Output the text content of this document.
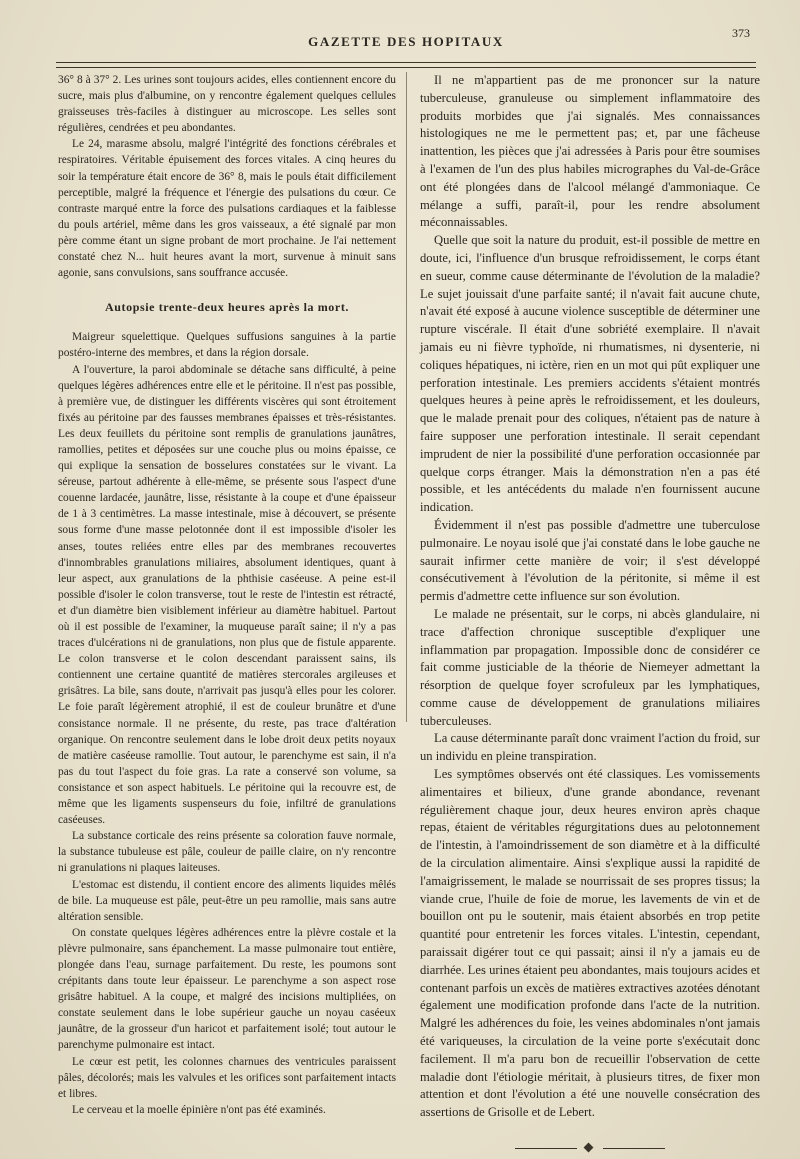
GAZETTE DES HOPITAUX
373

36° 8 à 37° 2. Les urines sont toujours acides, elles contiennent encore du sucre, mais plus d'albumine, on y rencontre également quelques cellules graisseuses très-faciles à distinguer au microscope. Les selles sont régulières, cendrées et peu abondantes.

Le 24, marasme absolu, malgré l'intégrité des fonctions cérébrales et respiratoires. Véritable épuisement des forces vitales. A cinq heures du soir la température était encore de 36° 8, mais le pouls était difficilement perceptible, malgré la fréquence et l'énergie des pulsations du cœur. Ce contraste marqué entre la force des pulsations cardiaques et la faiblesse du pouls artériel, même dans les gros vaisseaux, a été signalé par mon père comme étant un signe probant de mort prochaine. Je l'ai nettement constaté chez N... huit heures avant la mort, survenue à minuit sans agonie, sans convulsions, sans souffrance accusée.

Autopsie trente-deux heures après la mort.

Maigreur squelettique. Quelques suffusions sanguines à la partie postéro-interne des membres, et dans la région dorsale.

A l'ouverture, la paroi abdominale se détache sans difficulté, à peine quelques légères adhérences entre elle et le péritoine. Il n'est pas possible, à première vue, de distinguer les différents viscères qui sont étroitement fixés au péritoine par des fausses membranes épaisses et très-résistantes. Les deux feuillets du péritoine sont remplis de granulations jaunâtres, ramollies, petites et déposées sur une couche plus ou moins épaisse, ce qui explique la sensation de bosselures constatées sur le vivant. La séreuse, partout adhérente à elle-même, se présente sous l'aspect d'une couenne lardacée, jaunâtre, lisse, résistante à la coupe et d'une épaisseur de 1 à 3 centimètres. La masse intestinale, mise à découvert, se présente sous forme d'une masse pelotonnée dont il est impossible d'isoler les anses, toutes reliées entre elles par des membranes recouvertes d'innombrables granulations miliaires, absolument identiques, quant à leur aspect, aux granulations de la phthisie caséeuse. A peine est-il possible d'isoler le colon transverse, tout le reste de l'intestin est rétracté, et d'un diamètre bien visiblement inférieur au diamètre habituel. Partout où il est possible de l'examiner, la muqueuse paraît saine; il n'y a pas traces d'ulcérations ni de granulations, non plus que de fistule apparente. Le colon transverse et le colon descendant paraissent sains, ils contiennent une certaine quantité de matières stercorales argileuses et grisâtres. La bile, sans doute, n'arrivait pas jusqu'à elles pour les colorer. Le foie paraît légèrement atrophié, il est de couleur brunâtre et d'une consistance normale. Il ne présente, du reste, pas trace d'altération organique. On rencontre seulement dans le lobe droit deux petits noyaux de matière caséeuse ramollie. Tout autour, le parenchyme est sain, il n'a pas du tout l'aspect du foie gras. La rate a conservé son volume, sa consistance et son aspect habituels. Le péritoine qui la recouvre est, de même que les ligaments suspenseurs du foie, infiltré de granulations caséeuses.

La substance corticale des reins présente sa coloration fauve normale, la substance tubuleuse est pâle, couleur de paille claire, on n'y rencontre ni granulations ni plaques laiteuses.

L'estomac est distendu, il contient encore des aliments liquides mêlés de bile. La muqueuse est pâle, peut-être un peu ramollie, mais sans autre altération sensible.

On constate quelques légères adhérences entre la plèvre costale et la plèvre pulmonaire, sans épanchement. La masse pulmonaire tout entière, plongée dans l'eau, surnage parfaitement. Du reste, les poumons sont crépitants dans toute leur épaisseur. Le parenchyme a son aspect rose grisâtre habituel. A la coupe, et malgré des incisions multipliées, on constate seulement dans le lobe supérieur gauche un noyau caséeux jaunâtre, de la grosseur d'un haricot et parfaitement isolé; tout autour le parenchyme pulmonaire est intact.

Le cœur est petit, les colonnes charnues des ventricules paraissent pâles, décolorés; mais les valvules et les orifices sont parfaitement intacts et libres.

Le cerveau et la moelle épinière n'ont pas été examinés.

Il ne m'appartient pas de me prononcer sur la nature tuberculeuse, granuleuse ou simplement inflammatoire des produits morbides que j'ai signalés. Mes connaissances histologiques ne me le permettent pas; et, par une fâcheuse inattention, les pièces que j'ai adressées à Paris pour être soumises à l'examen de l'un des plus habiles micrographes du Val-de-Grâce ont été plongées dans de l'alcool mélangé d'ammoniaque. Ce mélange a suffi, paraît-il, pour les rendre absolument méconnaissables.

Quelle que soit la nature du produit, est-il possible de mettre en doute, ici, l'influence d'un brusque refroidissement, le corps étant en sueur, comme cause déterminante de l'évolution de la maladie? Le sujet jouissait d'une parfaite santé; il n'avait fait aucune chute, n'avait été exposé à aucune violence susceptible de déterminer une rupture viscérale. Il était d'une sobriété exemplaire. Il n'avait jamais eu ni fièvre typhoïde, ni rhumatismes, ni dysenterie, ni coliques hépatiques, ni ictère, rien en un mot qui pût expliquer une perforation intestinale. Les premiers accidents s'étaient montrés quelques heures à peine après le refroidissement, et les douleurs, que le malade prenait pour des coliques, n'étaient pas de nature à faire supposer une perforation intestinale. Il serait cependant imprudent de nier la possibilité d'une perforation occasionnée par quelque corps étranger. Mais la démonstration n'en a pas été possible, et les antécédents du malade n'en fournissent aucune indication.

Évidemment il n'est pas possible d'admettre une tuberculose pulmonaire. Le noyau isolé que j'ai constaté dans le lobe gauche ne saurait infirmer cette manière de voir; il s'est développé consécutivement à l'évolution de la péritonite, si même il est permis d'admettre cette influence sur son évolution.

Le malade ne présentait, sur le corps, ni abcès glandulaire, ni trace d'affection chronique susceptible d'expliquer une inflammation par propagation. Impossible donc de considérer ce fait comme justiciable de la théorie de Niemeyer admettant la résorption de quelque foyer scrofuleux par les lymphatiques, comme cause de développement de granulations miliaires tuberculeuses.

La cause déterminante paraît donc vraiment l'action du froid, sur un individu en pleine transpiration.

Les symptômes observés ont été classiques. Les vomissements alimentaires et bilieux, d'une grande abondance, revenant régulièrement chaque jour, deux heures environ après chaque repas, étaient de véritables régurgitations dues au pelotonnement de l'intestin, à l'amoindrissement de son diamètre et à la difficulté de la circulation alimentaire. Ainsi s'explique aussi la rapidité de l'amaigrissement, le malade se nourrissait de ses propres tissus; la viande crue, l'huile de foie de morue, les lavements de vin et de bouillon ont pu le soutenir, mais étaient absorbés en trop petite quantité pour entretenir les forces vitales. L'intestin, cependant, paraissait digérer tout ce qui passait; ainsi il n'y a jamais eu de diarrhée. Les urines étaient peu abondantes, mais toujours acides et contenant parfois un excès de matières extractives azotées dénotant également une modification profonde dans l'acte de la nutrition. Malgré les adhérences du foie, les veines abdominales n'ont jamais été variqueuses, la circulation de la veine porte s'exécutait donc facilement. Il m'a paru bon de recueillir l'observation de cette maladie dont l'étiologie méritait, à plusieurs titres, de fixer mon attention et dont l'évolution a été une nouvelle consécration des assertions de Grisolle et de Lebert.
